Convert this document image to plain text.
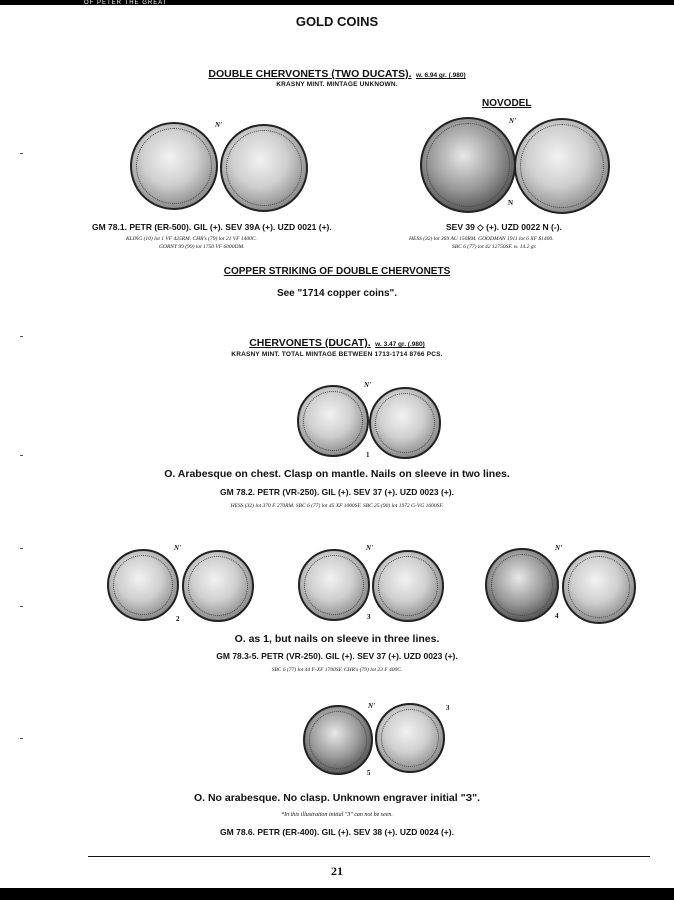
OF PETER THE GREAT
GOLD COINS
DOUBLE CHERVONETS (TWO DUCATS). w. 6.94 gr. (.980)
KRASNY MINT. MINTAGE UNKNOWN.
NOVODEL
N'	N'
N
GM 78.1. PETR (ER-500). GIL (+). SEV 39A (+). UZD 0021 (+).
KLING (10) lot 1 VF 425RM. CHR's (79) lot 21 VF 1400C.
GORNY 99 (99) lot 1750 VF 6000DM.
SEV 39 ◇ (+). UZD 0022 N (-).
HESS (32) lot 369 AU 150RM. GOODMAN 1911 lot 6 XF $1400.
SBC 6 (77) lot 42 12750SF. w. 14.2 gr.
COPPER STRIKING OF DOUBLE CHERVONETS
See "1714 copper coins".
CHERVONETS (DUCAT). w. 3.47 gr. (.980)
KRASNY MINT. TOTAL MINTAGE BETWEEN 1713-1714 8766 PCS.
N'
1
O. Arabesque on chest. Clasp on mantle. Nails on sleeve in two lines.
GM 78.2. PETR (VR-250). GIL (+). SEV 37 (+). UZD 0023 (+).
HESS (32) lot 370 F 270RM. SBC 6 (77) lot 45 XF 1000SF. SBC 25 (90) lot 1972 G-VG 1600SF.
N'
2
N'
3
N'
4
O. as 1, but nails on sleeve in three lines.
GM 78.3-5. PETR (VR-250). GIL (+). SEV 37 (+). UZD 0023 (+).
SBC 6 (77) lot 44 F-XF 1700SF. CHR's (79) lot 23 F 400C.
N'	3
5
O. No arabesque. No clasp. Unknown engraver initial "З".
*In this illustration initial "З" can not be seen.
GM 78.6. PETR (ER-400). GIL (+). SEV 38 (+). UZD 0024 (+).
21
